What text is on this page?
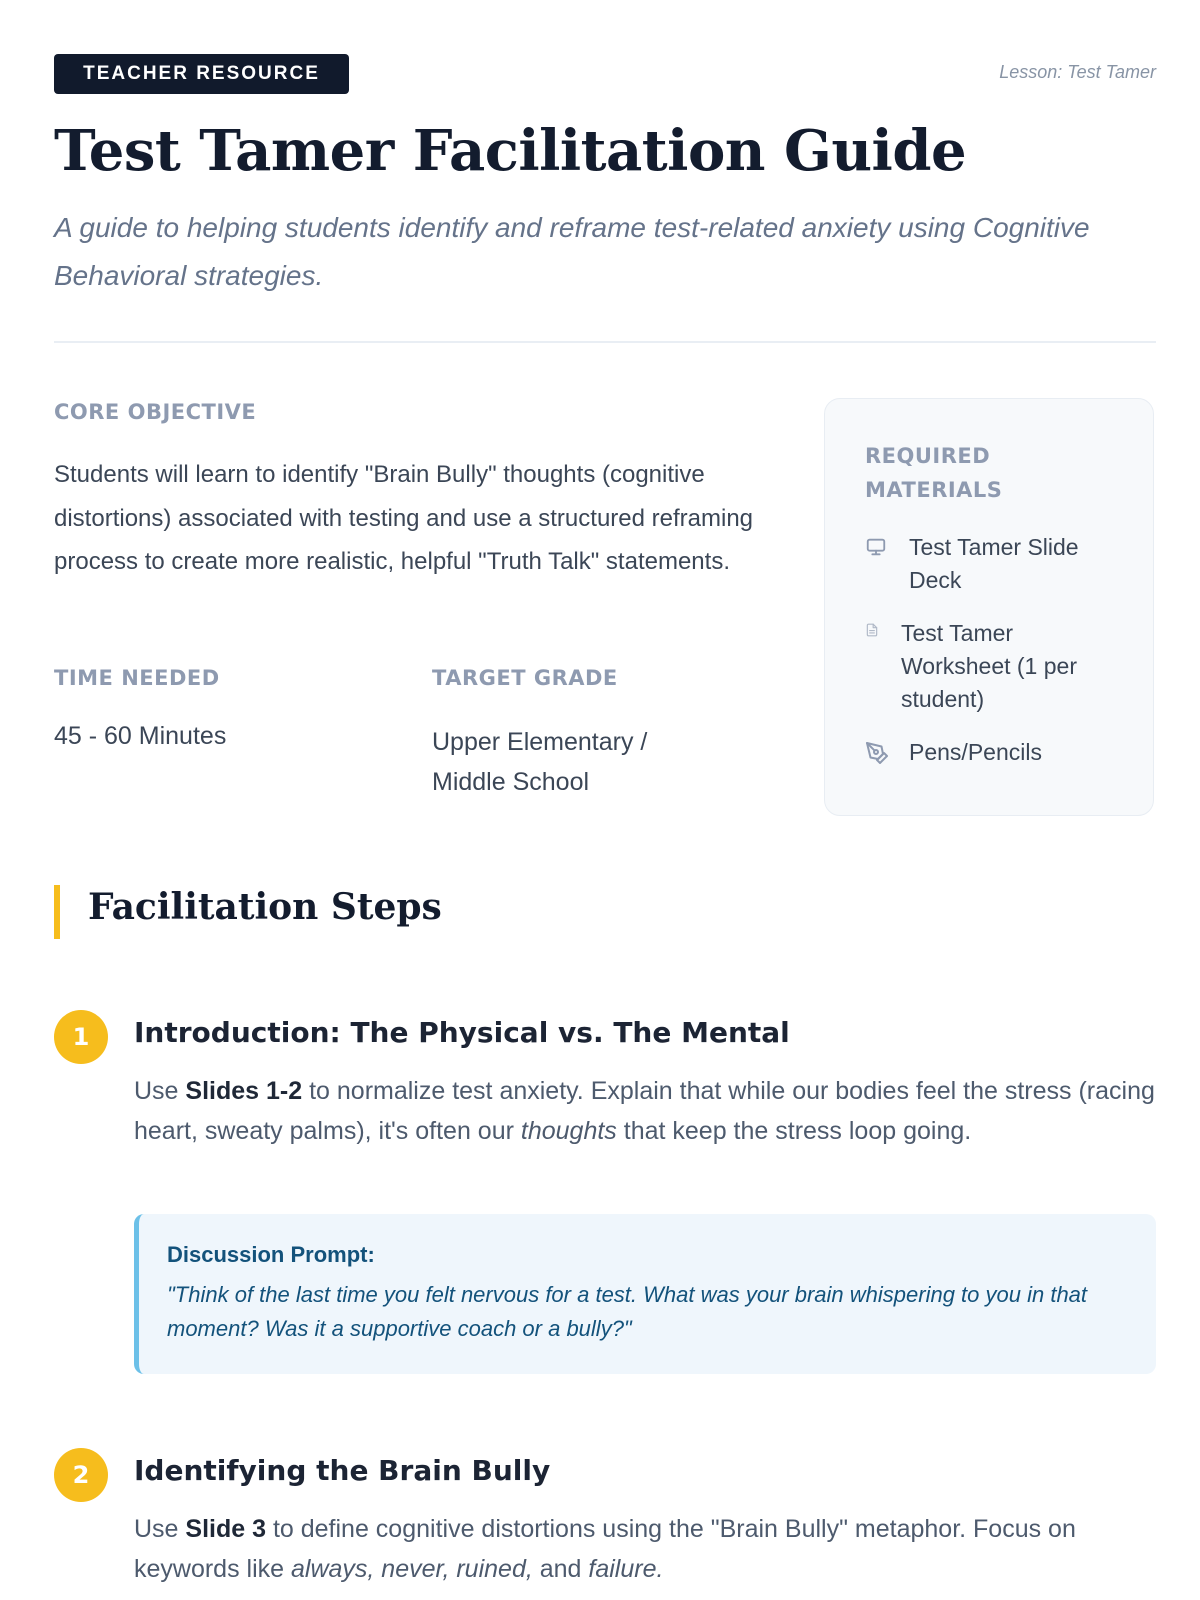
TEACHER RESOURCE	Lesson: Test Tamer
Test Tamer Facilitation Guide

A guide to helping students identify and reframe test-related anxiety using Cognitive Behavioral strategies.

CORE OBJECTIVE

Students will learn to identify "Brain Bully" thoughts (cognitive distortions) associated with testing and use a structured reframing process to create more realistic, helpful "Truth Talk" statements.

TIME NEEDED
45 - 60 Minutes
TARGET GRADE
Upper Elementary / Middle School
REQUIRED MATERIALS
Test Tamer Slide Deck
Test Tamer Worksheet (1 per student)
Pens/Pencils
Facilitation Steps
1	Introduction: The Physical vs. The Mental

Use Slides 1-2 to normalize test anxiety. Explain that while our bodies feel the stress (racing heart, sweaty palms), it's often our thoughts that keep the stress loop going.

Discussion Prompt:
"Think of the last time you felt nervous for a test. What was your brain whispering to you in that moment? Was it a supportive coach or a bully?"
2	Identifying the Brain Bully

Use Slide 3 to define cognitive distortions using the "Brain Bully" metaphor. Focus on keywords like always, never, ruined, and failure.
